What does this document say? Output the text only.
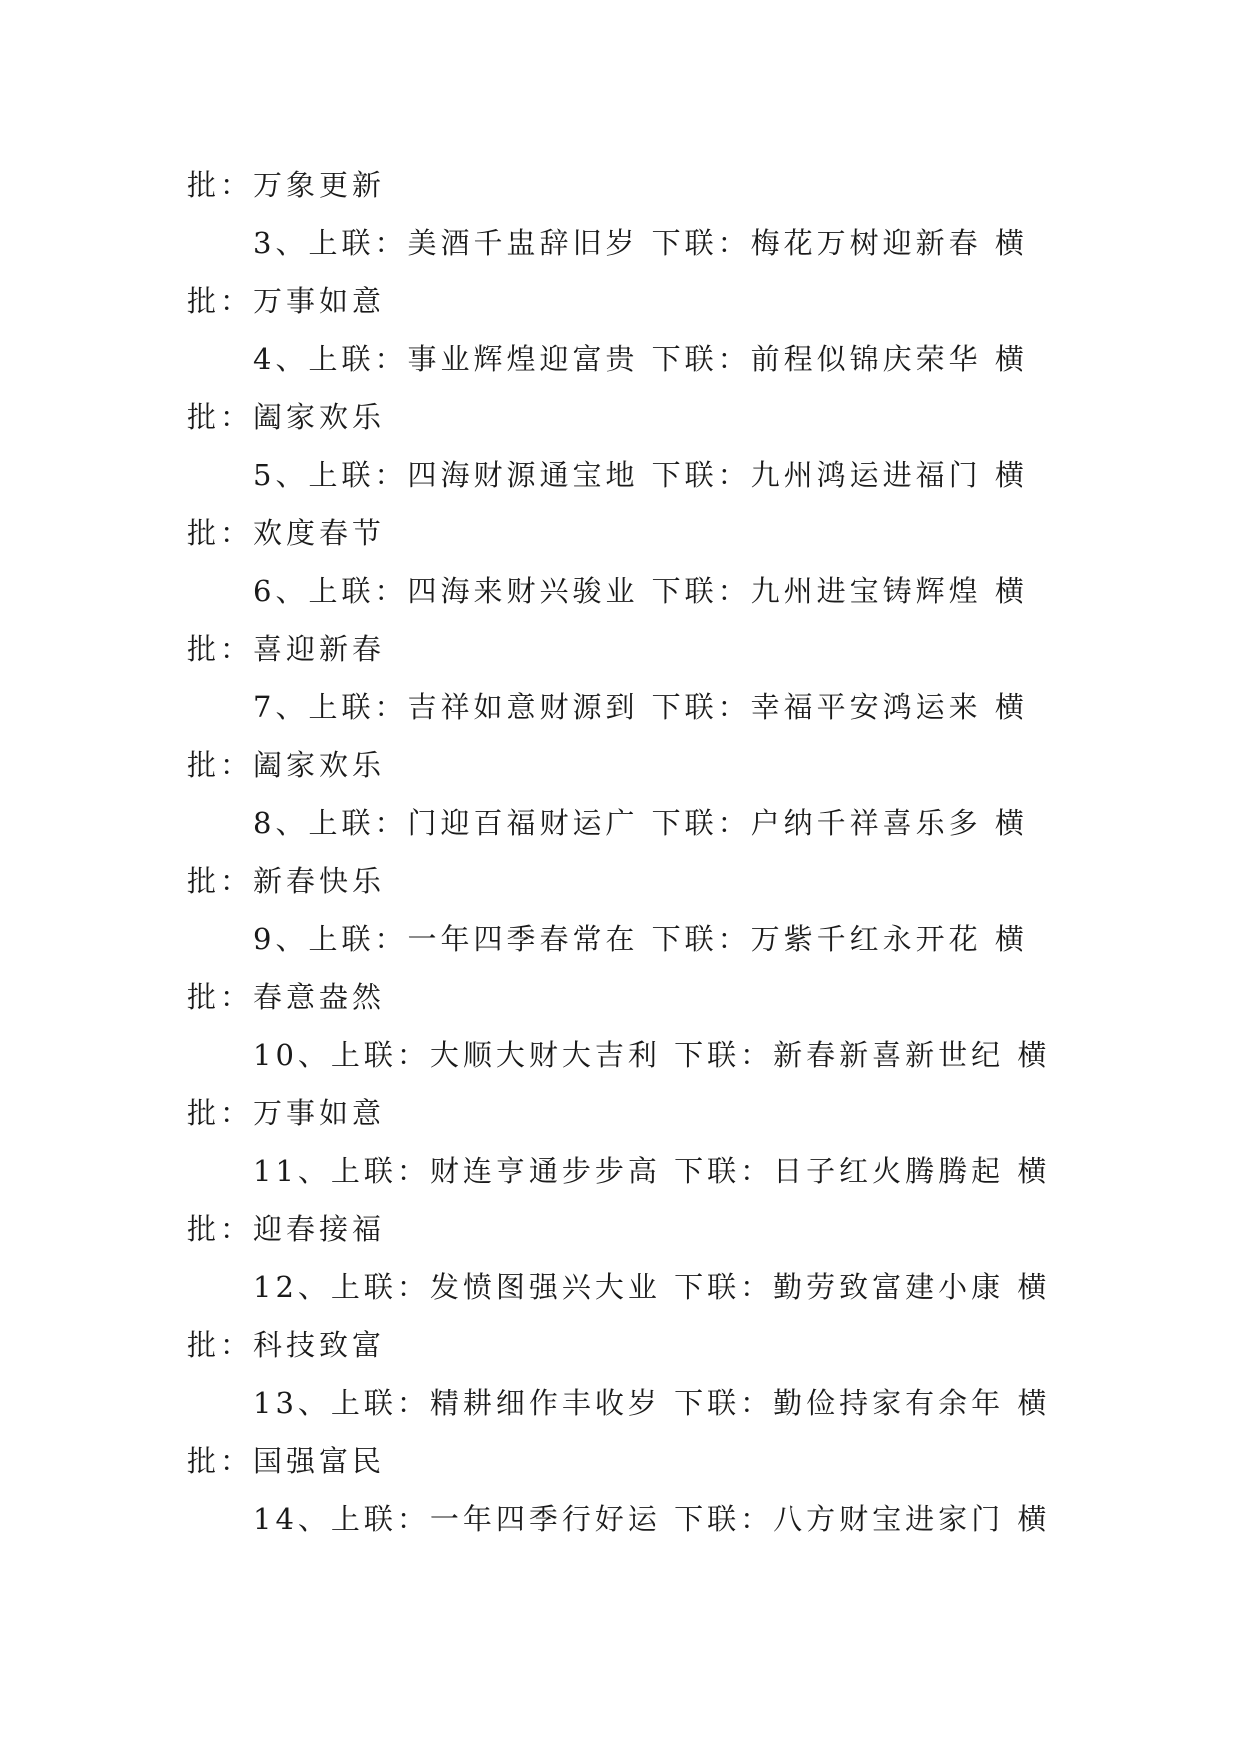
批：万象更新
3、上联：美酒千盅辞旧岁 下联：梅花万树迎新春 横
批：万事如意
4、上联：事业辉煌迎富贵 下联：前程似锦庆荣华 横
批：阖家欢乐
5、上联：四海财源通宝地 下联：九州鸿运进福门 横
批：欢度春节
6、上联：四海来财兴骏业 下联：九州进宝铸辉煌 横
批：喜迎新春
7、上联：吉祥如意财源到 下联：幸福平安鸿运来 横
批：阖家欢乐
8、上联：门迎百福财运广 下联：户纳千祥喜乐多 横
批：新春快乐
9、上联：一年四季春常在 下联：万紫千红永开花 横
批：春意盎然
10、上联：大顺大财大吉利 下联：新春新喜新世纪 横
批：万事如意
11、上联：财连亨通步步高 下联：日子红火腾腾起 横
批：迎春接福
12、上联：发愤图强兴大业 下联：勤劳致富建小康 横
批：科技致富
13、上联：精耕细作丰收岁 下联：勤俭持家有余年 横
批：国强富民
14、上联：一年四季行好运 下联：八方财宝进家门 横
